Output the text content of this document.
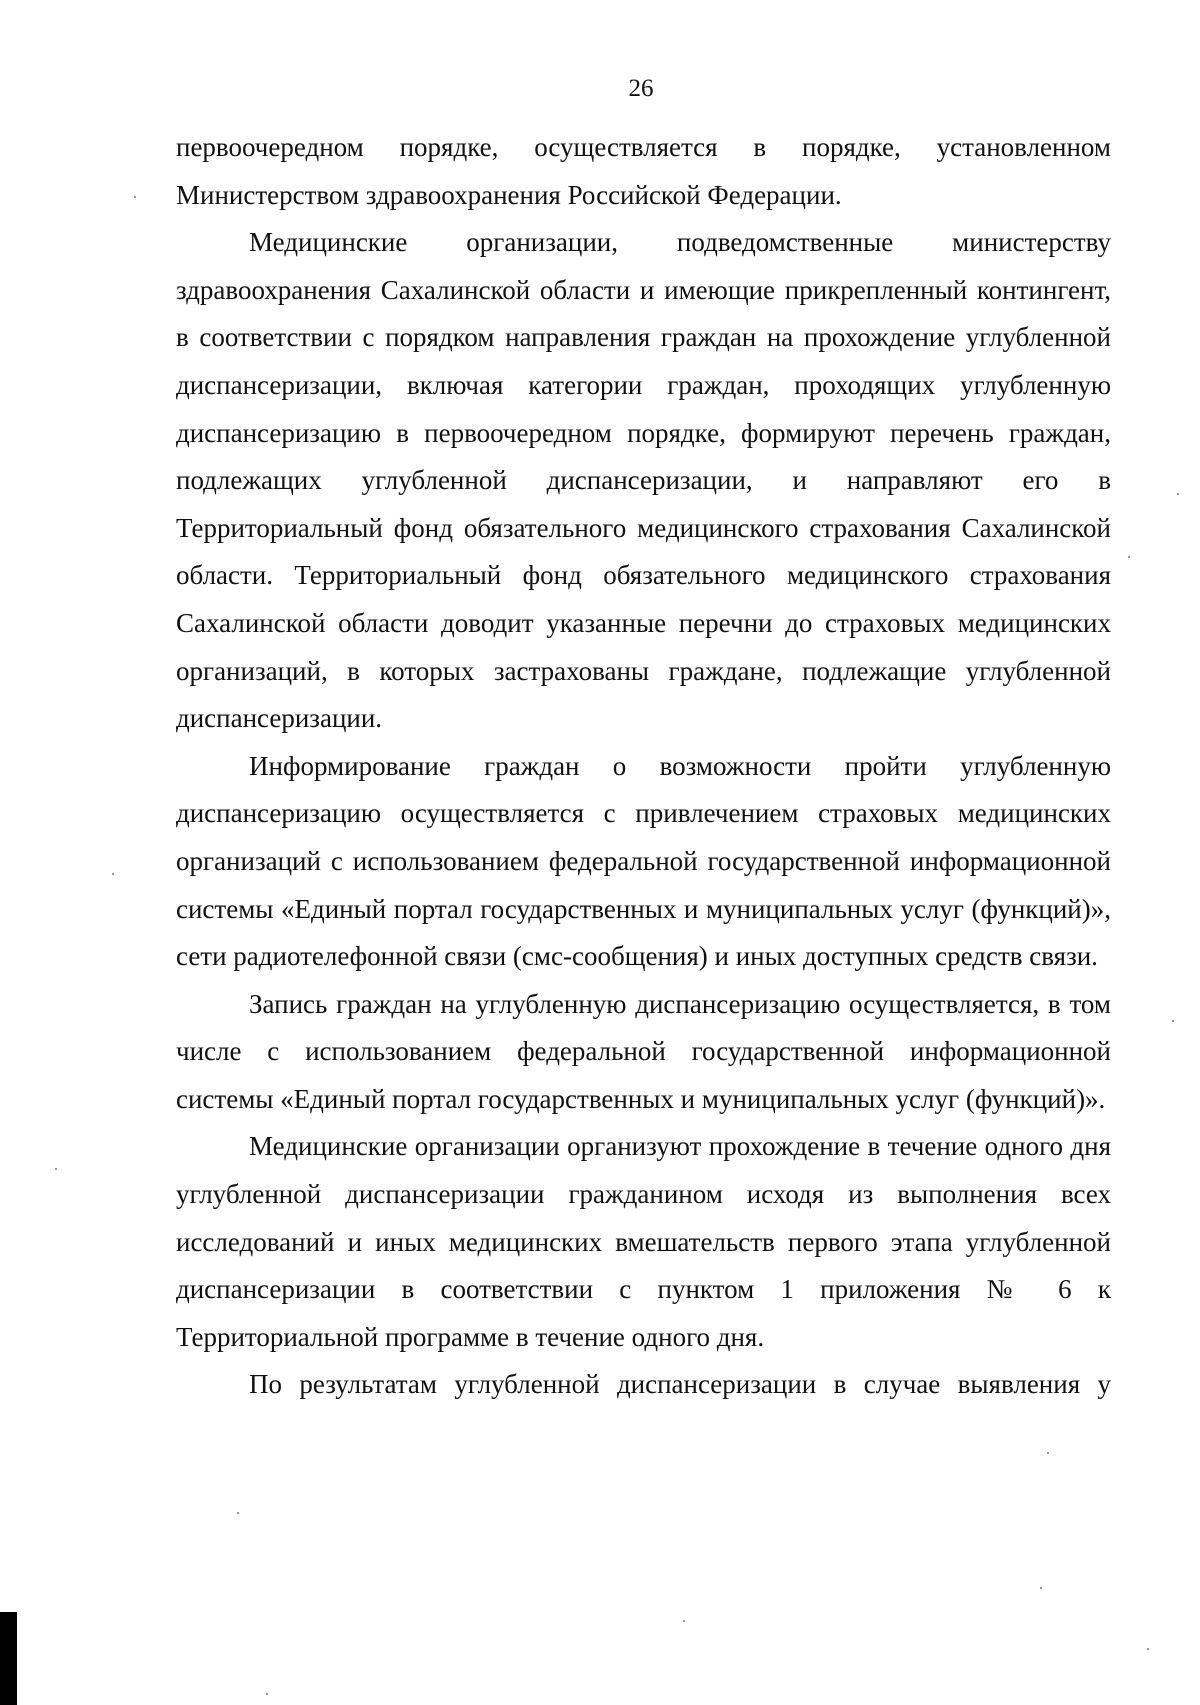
26

первоочередном порядке, осуществляется в порядке, установленном Министерством здравоохранения Российской Федерации.

Медицинские организации, подведомственные министерству здравоохранения Сахалинской области и имеющие прикрепленный контингент, в соответствии с порядком направления граждан на прохождение углубленной диспансеризации, включая категории граждан, проходящих углубленную диспансеризацию в первоочередном порядке, формируют перечень граждан, подлежащих углубленной диспансеризации, и направляют его в Территориальный фонд обязательного медицинского страхования Сахалинской области. Территориальный фонд обязательного медицинского страхования Сахалинской области доводит указанные перечни до страховых медицинских организаций, в которых застрахованы граждане, подлежащие углубленной диспансеризации.

Информирование граждан о возможности пройти углубленную диспансеризацию осуществляется с привлечением страховых медицинских организаций с использованием федеральной государственной информационной системы «Единый портал государственных и муниципальных услуг (функций)», сети радиотелефонной связи (смс-сообщения) и иных доступных средств связи.

Запись граждан на углубленную диспансеризацию осуществляется, в том числе с использованием федеральной государственной информационной системы «Единый портал государственных и муниципальных услуг (функций)».

Медицинские организации организуют прохождение в течение одного дня углубленной диспансеризации гражданином исходя из выполнения всех исследований и иных медицинских вмешательств первого этапа углубленной диспансеризации в соответствии с пунктом 1 приложения № 6 к Территориальной программе в течение одного дня.

По результатам углубленной диспансеризации в случае выявления у
